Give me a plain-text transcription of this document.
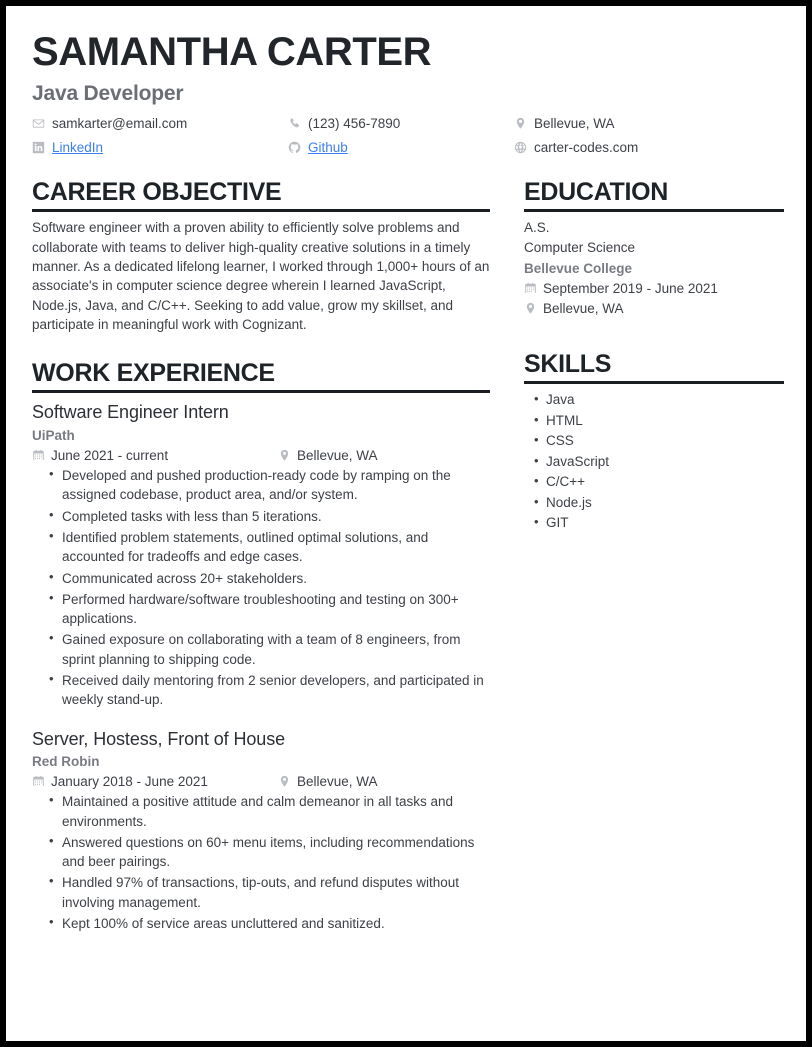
SAMANTHA CARTER
Java Developer
samkarter@email.com	(123) 456-7890	Bellevue, WA
LinkedIn	Github	carter-codes.com
CAREER OBJECTIVE
Software engineer with a proven ability to efficiently solve problems and collaborate with teams to deliver high-quality creative solutions in a timely manner. As a dedicated lifelong learner, I worked through 1,000+ hours of an associate's in computer science degree wherein I learned JavaScript, Node.js, Java, and C/C++. Seeking to add value, grow my skillset, and participate in meaningful work with Cognizant.
WORK EXPERIENCE
Software Engineer Intern
UiPath
June 2021 - current	Bellevue, WA
• Developed and pushed production-ready code by ramping on the assigned codebase, product area, and/or system.
• Completed tasks with less than 5 iterations.
• Identified problem statements, outlined optimal solutions, and accounted for tradeoffs and edge cases.
• Communicated across 20+ stakeholders.
• Performed hardware/software troubleshooting and testing on 300+ applications.
• Gained exposure on collaborating with a team of 8 engineers, from sprint planning to shipping code.
• Received daily mentoring from 2 senior developers, and participated in weekly stand-up.
Server, Hostess, Front of House
Red Robin
January 2018 - June 2021	Bellevue, WA
• Maintained a positive attitude and calm demeanor in all tasks and environments.
• Answered questions on 60+ menu items, including recommendations and beer pairings.
• Handled 97% of transactions, tip-outs, and refund disputes without involving management.
• Kept 100% of service areas uncluttered and sanitized.
EDUCATION
A.S.
Computer Science
Bellevue College
September 2019 - June 2021
Bellevue, WA
SKILLS
• Java
• HTML
• CSS
• JavaScript
• C/C++
• Node.js
• GIT
